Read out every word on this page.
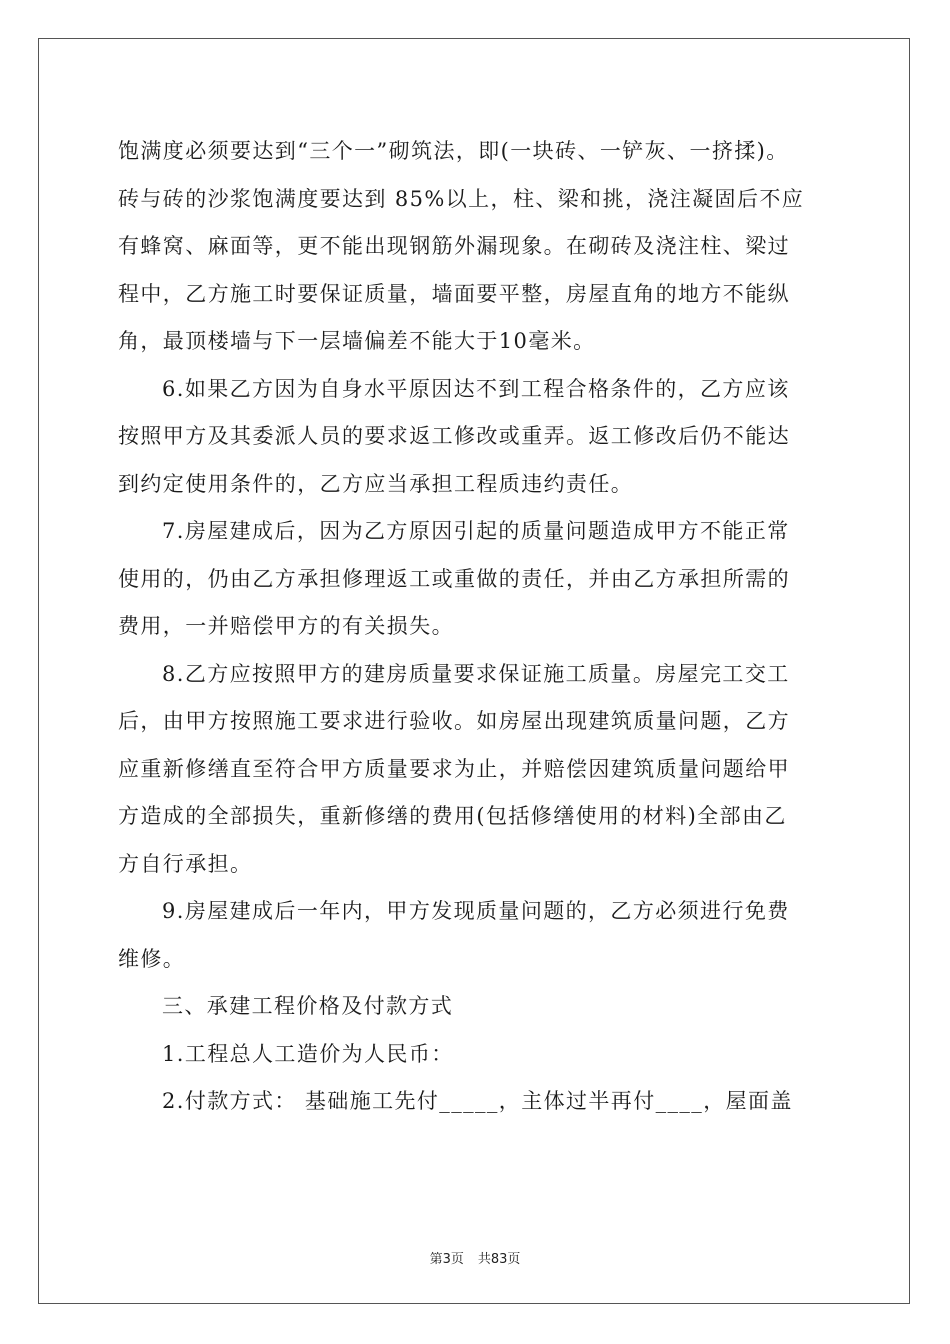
饱满度必须要达到“三个一”砌筑法，即(一块砖、一铲灰、一挤揉)。
砖与砖的沙浆饱满度要达到 85%以上，柱、梁和挑，浇注凝固后不应
有蜂窝、麻面等，更不能出现钢筋外漏现象。在砌砖及浇注柱、梁过
程中，乙方施工时要保证质量，墙面要平整，房屋直角的地方不能纵
角，最顶楼墙与下一层墙偏差不能大于10毫米。
6.如果乙方因为自身水平原因达不到工程合格条件的，乙方应该
按照甲方及其委派人员的要求返工修改或重弄。返工修改后仍不能达
到约定使用条件的，乙方应当承担工程质违约责任。
7.房屋建成后，因为乙方原因引起的质量问题造成甲方不能正常
使用的，仍由乙方承担修理返工或重做的责任，并由乙方承担所需的
费用，一并赔偿甲方的有关损失。
8.乙方应按照甲方的建房质量要求保证施工质量。房屋完工交工
后，由甲方按照施工要求进行验收。如房屋出现建筑质量问题，乙方
应重新修缮直至符合甲方质量要求为止，并赔偿因建筑质量问题给甲
方造成的全部损失，重新修缮的费用(包括修缮使用的材料)全部由乙
方自行承担。
9.房屋建成后一年内，甲方发现质量问题的，乙方必须进行免费
维修。
三、承建工程价格及付款方式
1.工程总人工造价为人民币：
2.付款方式： 基础施工先付_____，主体过半再付____，屋面盖
第3页 共83页
